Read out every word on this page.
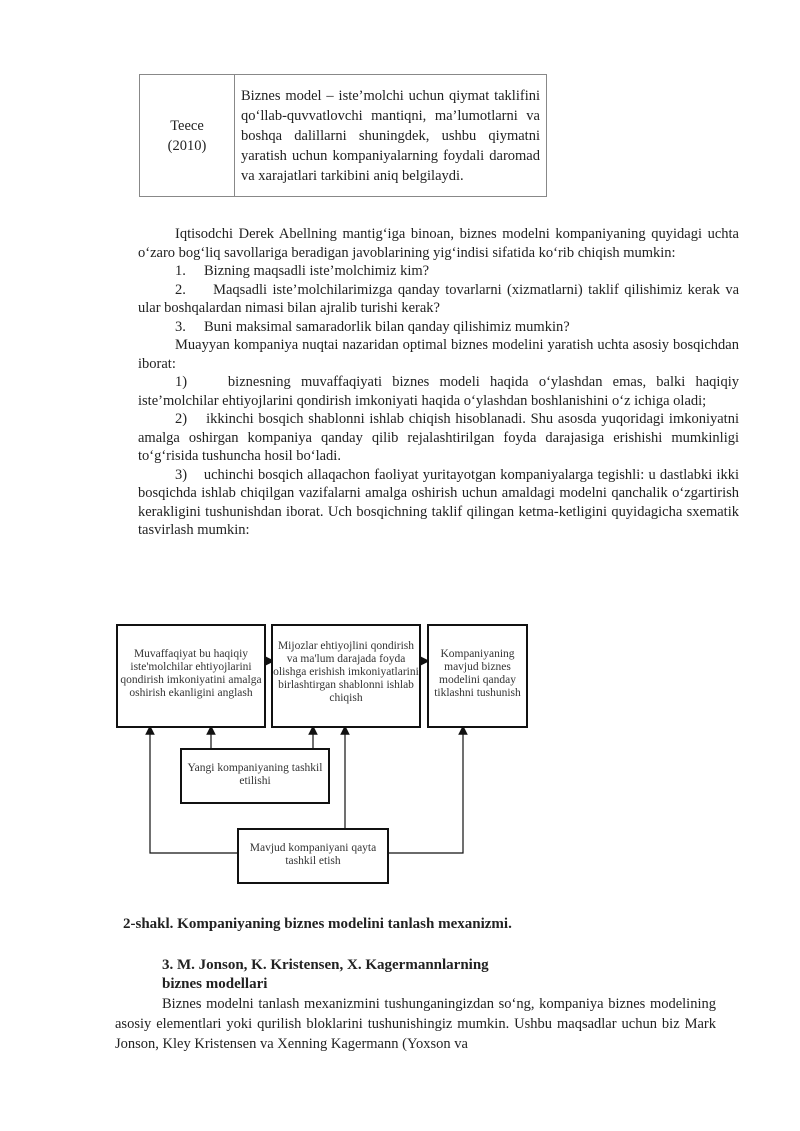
Teece
(2010)
	Biznes model – iste’molchi uchun qiymat taklifini qo‘llab-quvvatlovchi mantiqni, ma’lumotlarni va boshqa dalillarni shuningdek, ushbu qiymatni yaratish uchun kompaniyalarning foydali daromad va xarajatlari tarkibini aniq belgilaydi.

Iqtisodchi Derek Abellning mantig‘iga binoan, biznes modelni kompaniyaning quyidagi uchta o‘zaro bog‘liq savollariga beradigan javoblarining yig‘indisi sifatida ko‘rib chiqish mumkin:

1.     Bizning maqsadli iste’molchimiz kim?

2.     Maqsadli iste’molchilarimizga qanday tovarlarni (xizmatlarni) taklif qilishimiz kerak va ular boshqalardan nimasi bilan ajralib turishi kerak?

3.     Buni maksimal samaradorlik bilan qanday qilishimiz mumkin?

Muayyan kompaniya nuqtai nazaridan optimal biznes modelini yaratish uchta asosiy bosqichdan iborat:

1)    biznesning muvaffaqiyati biznes modeli haqida o‘ylashdan emas, balki haqiqiy iste’molchilar ehtiyojlarini qondirish imkoniyati haqida o‘ylashdan boshlanishini o‘z ichiga oladi;

2)    ikkinchi bosqich shablonni ishlab chiqish hisoblanadi. Shu asosda yuqoridagi imkoniyatni amalga oshirgan kompaniya qanday qilib rejalashtirilgan foyda darajasiga erishishi mumkinligi to‘g‘risida tushuncha hosil bo‘ladi.

3)    uchinchi bosqich allaqachon faoliyat yuritayotgan kompaniyalarga tegishli: u dastlabki ikki bosqichda ishlab chiqilgan vazifalarni amalga oshirish uchun amaldagi modelni qanchalik o‘zgartirish kerakligini tushunishdan iborat. Uch bosqichning taklif qilingan ketma-ketligini quyidagicha sxematik tasvirlash mumkin:

Muvaffaqiyat bu haqiqiy
iste'molchilar ehtiyojlarini
qondirish imkoniyatini amalga
oshirish ekanligini anglash
Mijozlar ehtiyojlini qondirish
va ma'lum darajada foyda
olishga erishish imkoniyatlarini
birlashtirgan shablonni ishlab
chiqish
Kompaniyaning
mavjud biznes
modelini qanday
tiklashni tushunish
Yangi kompaniyaning tashkil
etilishi
Mavjud kompaniyani qayta
tashkil etish
2-shakl. Kompaniyaning biznes modelini tanlash mexanizmi.
3. M. Jonson, K. Kristensen, X. Kagermannlarning
biznes modellari

Biznes modelni tanlash mexanizmini tushunganingizdan so‘ng, kompaniya biznes modelining asosiy elementlari yoki qurilish bloklarini tushunishingiz mumkin. Ushbu maqsadlar uchun biz Mark Jonson, Kley Kristensen va Xenning Kagermann (Yoxson va
